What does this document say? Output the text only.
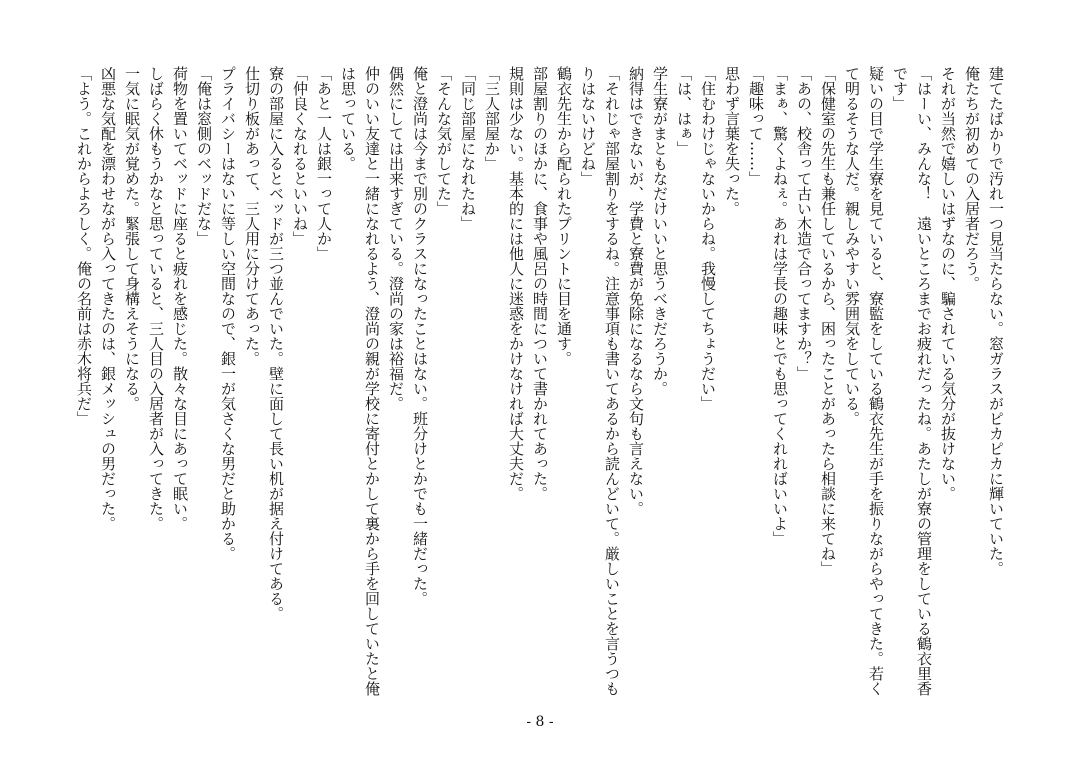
建てたばかりで汚れ一つ見当たらない。窓ガラスがピカピカに輝いていた。

俺たちが初めての入居者だろう。

それが当然で嬉しいはずなのに、騙されている気分が抜けない。

「はーい、みんな！　遠いところまでお疲れだったね。あたしが寮の管理をしている鶴衣里香です」

疑いの目で学生寮を見ていると、寮監をしている鶴衣先生が手を振りながらやってきた。若くて明るそうな人だ。親しみやすい雰囲気をしている。

「保健室の先生も兼任しているから、困ったことがあったら相談に来てね」

「あの、校舎って古い木造で合ってますか？」

「まぁ、驚くよねぇ。あれは学長の趣味とでも思ってくれればいいよ」

「趣味って……」

思わず言葉を失った。

「住むわけじゃないからね。我慢してちょうだい」

「は、はぁ」

学生寮がまともなだけいいと思うべきだろうか。

納得はできないが、学費と寮費が免除になるなら文句も言えない。

「それじゃ部屋割りをするね。注意事項も書いてあるから読んどいて。厳しいことを言うつもりはないけどね」

鶴衣先生から配られたプリントに目を通す。

部屋割りのほかに、食事や風呂の時間について書かれてあった。

規則は少ない。基本的には他人に迷惑をかけなければ大丈夫だ。

「三人部屋か」

「同じ部屋になれたね」

「そんな気がしてた」

俺と澄尚は今まで別のクラスになったことはない。班分けとかでも一緒だった。

偶然にしては出来すぎている。澄尚の家は裕福だ。

仲のいい友達と一緒になれるよう、澄尚の親が学校に寄付とかして裏から手を回していたと俺は思っている。

「あと一人は銀一って人か」

「仲良くなれるといいね」

寮の部屋に入るとベッドが三つ並んでいた。壁に面して長い机が据え付けてある。

仕切り板があって、三人用に分けてあった。

プライバシーはないに等しい空間なので、銀一が気さくな男だと助かる。

「俺は窓側のベッドだな」

荷物を置いてベッドに座ると疲れを感じた。散々な目にあって眠い。

しばらく休もうかなと思っていると、三人目の入居者が入ってきた。

一気に眠気が覚めた。緊張して身構えそうになる。

凶悪な気配を漂わせながら入ってきたのは、銀メッシュの男だった。

「よう。これからよろしく。俺の名前は赤木将兵だ」

- 8 -
